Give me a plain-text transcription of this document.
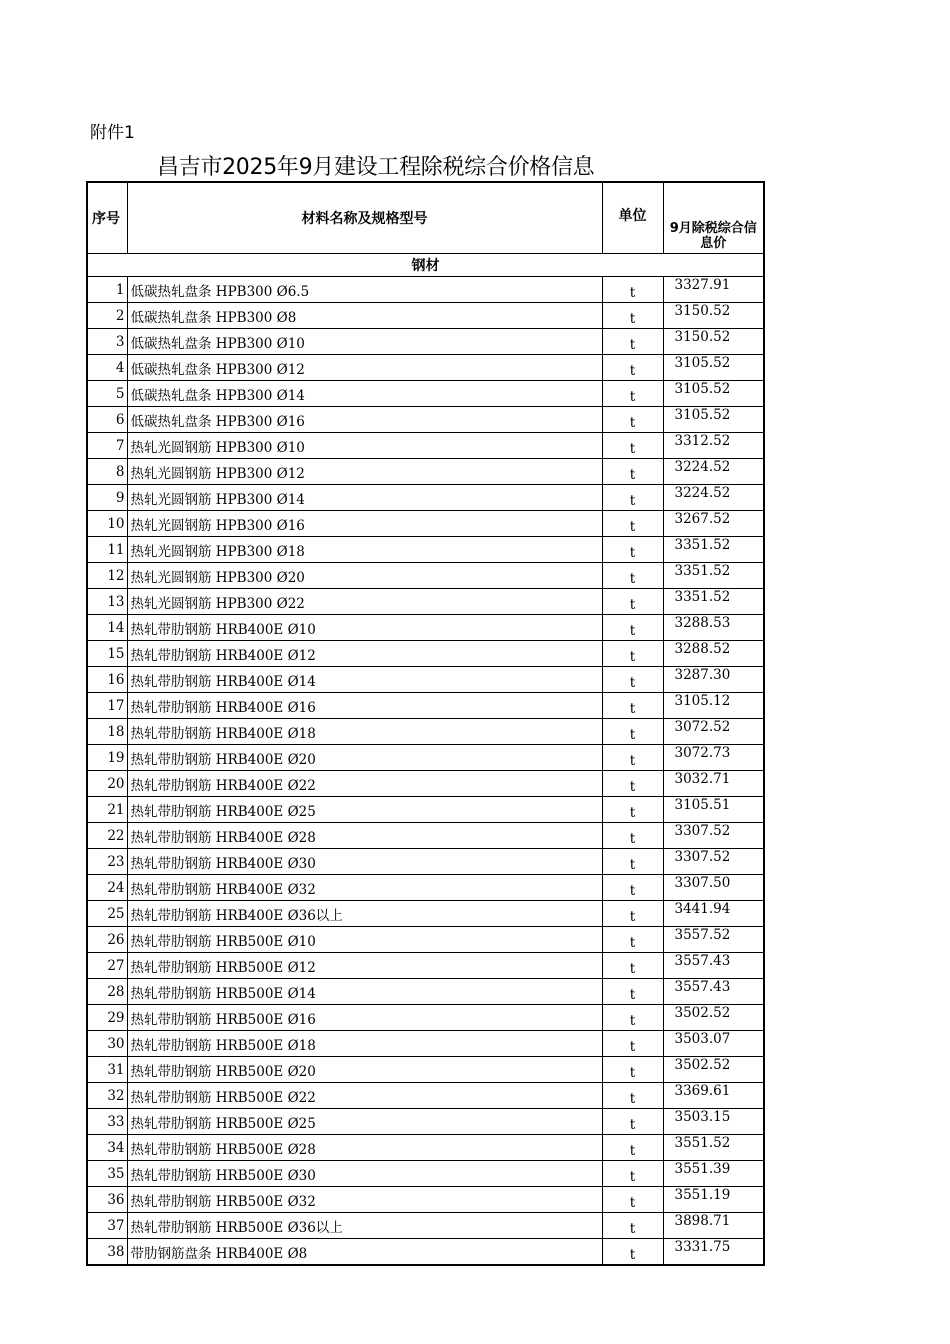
附件1
昌吉市2025年9月建设工程除税综合价格信息
序号	材料名称及规格型号	单位	9月除税综合信息价

钢材			
1	低碳热轧盘条 HPB300 Ø6.5	t	3327.91
2	低碳热轧盘条 HPB300 Ø8	t	3150.52
3	低碳热轧盘条 HPB300 Ø10	t	3150.52
4	低碳热轧盘条 HPB300 Ø12	t	3105.52
5	低碳热轧盘条 HPB300 Ø14	t	3105.52
6	低碳热轧盘条 HPB300 Ø16	t	3105.52
7	热轧光圆钢筋 HPB300 Ø10	t	3312.52
8	热轧光圆钢筋 HPB300 Ø12	t	3224.52
9	热轧光圆钢筋 HPB300 Ø14	t	3224.52
10	热轧光圆钢筋 HPB300 Ø16	t	3267.52
11	热轧光圆钢筋 HPB300 Ø18	t	3351.52
12	热轧光圆钢筋 HPB300 Ø20	t	3351.52
13	热轧光圆钢筋 HPB300 Ø22	t	3351.52
14	热轧带肋钢筋 HRB400E Ø10	t	3288.53
15	热轧带肋钢筋 HRB400E Ø12	t	3288.52
16	热轧带肋钢筋 HRB400E Ø14	t	3287.30
17	热轧带肋钢筋 HRB400E Ø16	t	3105.12
18	热轧带肋钢筋 HRB400E Ø18	t	3072.52
19	热轧带肋钢筋 HRB400E Ø20	t	3072.73
20	热轧带肋钢筋 HRB400E Ø22	t	3032.71
21	热轧带肋钢筋 HRB400E Ø25	t	3105.51
22	热轧带肋钢筋 HRB400E Ø28	t	3307.52
23	热轧带肋钢筋 HRB400E Ø30	t	3307.52
24	热轧带肋钢筋 HRB400E Ø32	t	3307.50
25	热轧带肋钢筋 HRB400E Ø36以上	t	3441.94
26	热轧带肋钢筋 HRB500E Ø10	t	3557.52
27	热轧带肋钢筋 HRB500E Ø12	t	3557.43
28	热轧带肋钢筋 HRB500E Ø14	t	3557.43
29	热轧带肋钢筋 HRB500E Ø16	t	3502.52
30	热轧带肋钢筋 HRB500E Ø18	t	3503.07
31	热轧带肋钢筋 HRB500E Ø20	t	3502.52
32	热轧带肋钢筋 HRB500E Ø22	t	3369.61
33	热轧带肋钢筋 HRB500E Ø25	t	3503.15
34	热轧带肋钢筋 HRB500E Ø28	t	3551.52
35	热轧带肋钢筋 HRB500E Ø30	t	3551.39
36	热轧带肋钢筋 HRB500E Ø32	t	3551.19
37	热轧带肋钢筋 HRB500E Ø36以上	t	3898.71
38	带肋钢筋盘条 HRB400E Ø8	t	3331.75
